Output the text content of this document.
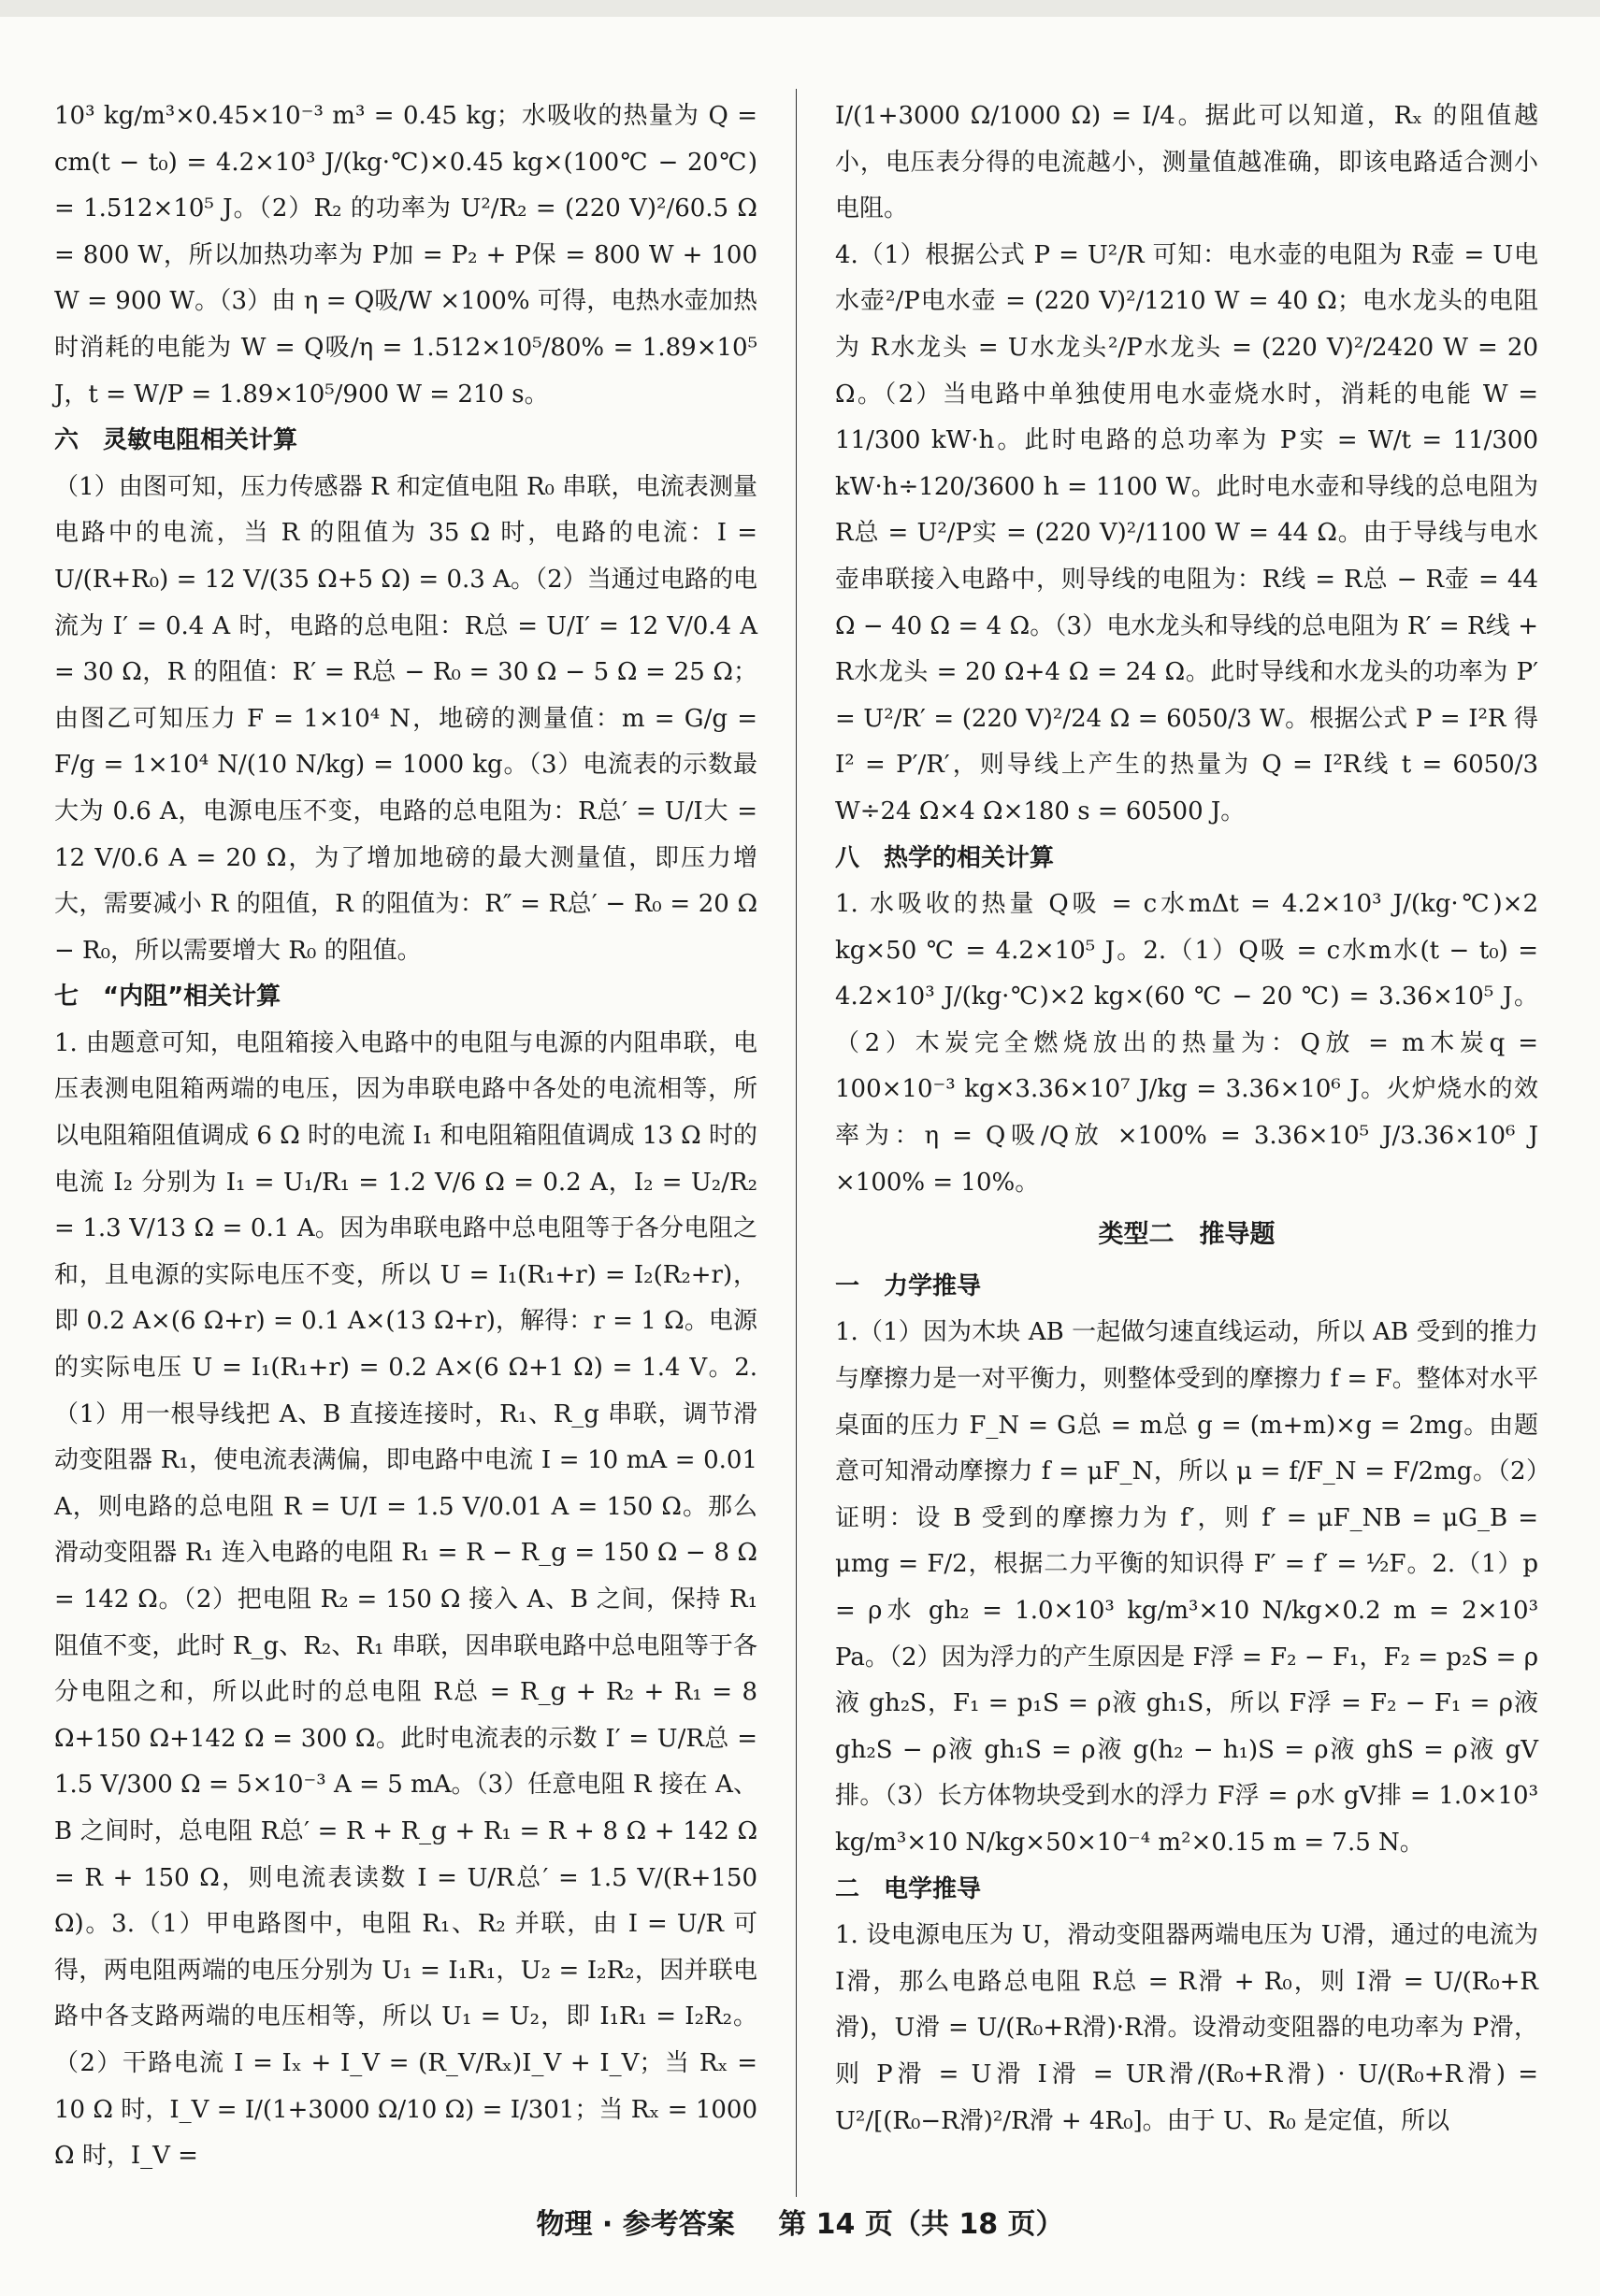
10³ kg/m³×0.45×10⁻³ m³ = 0.45 kg；水吸收的热量为 Q = cm(t − t₀) = 4.2×10³ J/(kg·℃)×0.45 kg×(100℃ − 20℃) = 1.512×10⁵ J。（2）R₂ 的功率为 U²/R₂ = (220 V)²/60.5 Ω = 800 W，所以加热功率为 P加 = P₂ + P保 = 800 W + 100 W = 900 W。（3）由 η = Q吸/W ×100% 可得，电热水壶加热时消耗的电能为 W = Q吸/η = 1.512×10⁵/80% = 1.89×10⁵ J，t = W/P = 1.89×10⁵/900 W = 210 s。

六　灵敏电阻相关计算

（1）由图可知，压力传感器 R 和定值电阻 R₀ 串联，电流表测量电路中的电流，当 R 的阻值为 35 Ω 时，电路的电流：I = U/(R+R₀) = 12 V/(35 Ω+5 Ω) = 0.3 A。（2）当通过电路的电流为 I′ = 0.4 A 时，电路的总电阻：R总 = U/I′ = 12 V/0.4 A = 30 Ω，R 的阻值：R′ = R总 − R₀ = 30 Ω − 5 Ω = 25 Ω；由图乙可知压力 F = 1×10⁴ N，地磅的测量值：m = G/g = F/g = 1×10⁴ N/(10 N/kg) = 1000 kg。（3）电流表的示数最大为 0.6 A，电源电压不变，电路的总电阻为：R总′ = U/I大 = 12 V/0.6 A = 20 Ω，为了增加地磅的最大测量值，即压力增大，需要减小 R 的阻值，R 的阻值为：R″ = R总′ − R₀ = 20 Ω − R₀，所以需要增大 R₀ 的阻值。

七　“内阻”相关计算

1. 由题意可知，电阻箱接入电路中的电阻与电源的内阻串联，电压表测电阻箱两端的电压，因为串联电路中各处的电流相等，所以电阻箱阻值调成 6 Ω 时的电流 I₁ 和电阻箱阻值调成 13 Ω 时的电流 I₂ 分别为 I₁ = U₁/R₁ = 1.2 V/6 Ω = 0.2 A，I₂ = U₂/R₂ = 1.3 V/13 Ω = 0.1 A。因为串联电路中总电阻等于各分电阻之和，且电源的实际电压不变，所以 U = I₁(R₁+r) = I₂(R₂+r)，即 0.2 A×(6 Ω+r) = 0.1 A×(13 Ω+r)，解得：r = 1 Ω。电源的实际电压 U = I₁(R₁+r) = 0.2 A×(6 Ω+1 Ω) = 1.4 V。2.（1）用一根导线把 A、B 直接连接时，R₁、R_g 串联，调节滑动变阻器 R₁，使电流表满偏，即电路中电流 I = 10 mA = 0.01 A，则电路的总电阻 R = U/I = 1.5 V/0.01 A = 150 Ω。那么滑动变阻器 R₁ 连入电路的电阻 R₁ = R − R_g = 150 Ω − 8 Ω = 142 Ω。（2）把电阻 R₂ = 150 Ω 接入 A、B 之间，保持 R₁ 阻值不变，此时 R_g、R₂、R₁ 串联，因串联电路中总电阻等于各分电阻之和，所以此时的总电阻 R总 = R_g + R₂ + R₁ = 8 Ω+150 Ω+142 Ω = 300 Ω。此时电流表的示数 I′ = U/R总 = 1.5 V/300 Ω = 5×10⁻³ A = 5 mA。（3）任意电阻 R 接在 A、B 之间时，总电阻 R总′ = R + R_g + R₁ = R + 8 Ω + 142 Ω = R + 150 Ω，则电流表读数 I = U/R总′ = 1.5 V/(R+150 Ω)。3.（1）甲电路图中，电阻 R₁、R₂ 并联，由 I = U/R 可得，两电阻两端的电压分别为 U₁ = I₁R₁，U₂ = I₂R₂，因并联电路中各支路两端的电压相等，所以 U₁ = U₂，即 I₁R₁ = I₂R₂。（2）干路电流 I = Iₓ + I_V = (R_V/Rₓ)I_V + I_V；当 Rₓ = 10 Ω 时，I_V = I/(1+3000 Ω/10 Ω) = I/301；当 Rₓ = 1000 Ω 时，I_V =

I/(1+3000 Ω/1000 Ω) = I/4。据此可以知道，Rₓ 的阻值越小，电压表分得的电流越小，测量值越准确，即该电路适合测小电阻。

4.（1）根据公式 P = U²/R 可知：电水壶的电阻为 R壶 = U电水壶²/P电水壶 = (220 V)²/1210 W = 40 Ω；电水龙头的电阻为 R水龙头 = U水龙头²/P水龙头 = (220 V)²/2420 W = 20 Ω。（2）当电路中单独使用电水壶烧水时，消耗的电能 W = 11/300 kW·h。此时电路的总功率为 P实 = W/t = 11/300 kW·h÷120/3600 h = 1100 W。此时电水壶和导线的总电阻为 R总 = U²/P实 = (220 V)²/1100 W = 44 Ω。由于导线与电水壶串联接入电路中，则导线的电阻为：R线 = R总 − R壶 = 44 Ω − 40 Ω = 4 Ω。（3）电水龙头和导线的总电阻为 R′ = R线 + R水龙头 = 20 Ω+4 Ω = 24 Ω。此时导线和水龙头的功率为 P′ = U²/R′ = (220 V)²/24 Ω = 6050/3 W。根据公式 P = I²R 得 I² = P′/R′，则导线上产生的热量为 Q = I²R线 t = 6050/3 W÷24 Ω×4 Ω×180 s = 60500 J。

八　热学的相关计算

1. 水吸收的热量 Q吸 = c水mΔt = 4.2×10³ J/(kg·℃)×2 kg×50 ℃ = 4.2×10⁵ J。2.（1）Q吸 = c水m水(t − t₀) = 4.2×10³ J/(kg·℃)×2 kg×(60 ℃ − 20 ℃) = 3.36×10⁵ J。（2）木炭完全燃烧放出的热量为：Q放 = m木炭q = 100×10⁻³ kg×3.36×10⁷ J/kg = 3.36×10⁶ J。火炉烧水的效率为：η = Q吸/Q放 ×100% = 3.36×10⁵ J/3.36×10⁶ J ×100% = 10%。

类型二　推导题

一　力学推导

1.（1）因为木块 AB 一起做匀速直线运动，所以 AB 受到的推力与摩擦力是一对平衡力，则整体受到的摩擦力 f = F。整体对水平桌面的压力 F_N = G总 = m总 g = (m+m)×g = 2mg。由题意可知滑动摩擦力 f = μF_N，所以 μ = f/F_N = F/2mg。（2）证明：设 B 受到的摩擦力为 f′，则 f′ = μF_NB = μG_B = μmg = F/2，根据二力平衡的知识得 F′ = f′ = ½F。2.（1）p = ρ水 gh₂ = 1.0×10³ kg/m³×10 N/kg×0.2 m = 2×10³ Pa。（2）因为浮力的产生原因是 F浮 = F₂ − F₁，F₂ = p₂S = ρ液 gh₂S，F₁ = p₁S = ρ液 gh₁S，所以 F浮 = F₂ − F₁ = ρ液 gh₂S − ρ液 gh₁S = ρ液 g(h₂ − h₁)S = ρ液 ghS = ρ液 gV排。（3）长方体物块受到水的浮力 F浮 = ρ水 gV排 = 1.0×10³ kg/m³×10 N/kg×50×10⁻⁴ m²×0.15 m = 7.5 N。

二　电学推导

1. 设电源电压为 U，滑动变阻器两端电压为 U滑，通过的电流为 I滑，那么电路总电阻 R总 = R滑 + R₀，则 I滑 = U/(R₀+R滑)，U滑 = U/(R₀+R滑)·R滑。设滑动变阻器的电功率为 P滑，则 P滑 = U滑 I滑 = UR滑/(R₀+R滑) · U/(R₀+R滑) = U²/[(R₀−R滑)²/R滑 + 4R₀]。由于 U、R₀ 是定值，所以

物理 · 参考答案 第 14 页（共 18 页）
